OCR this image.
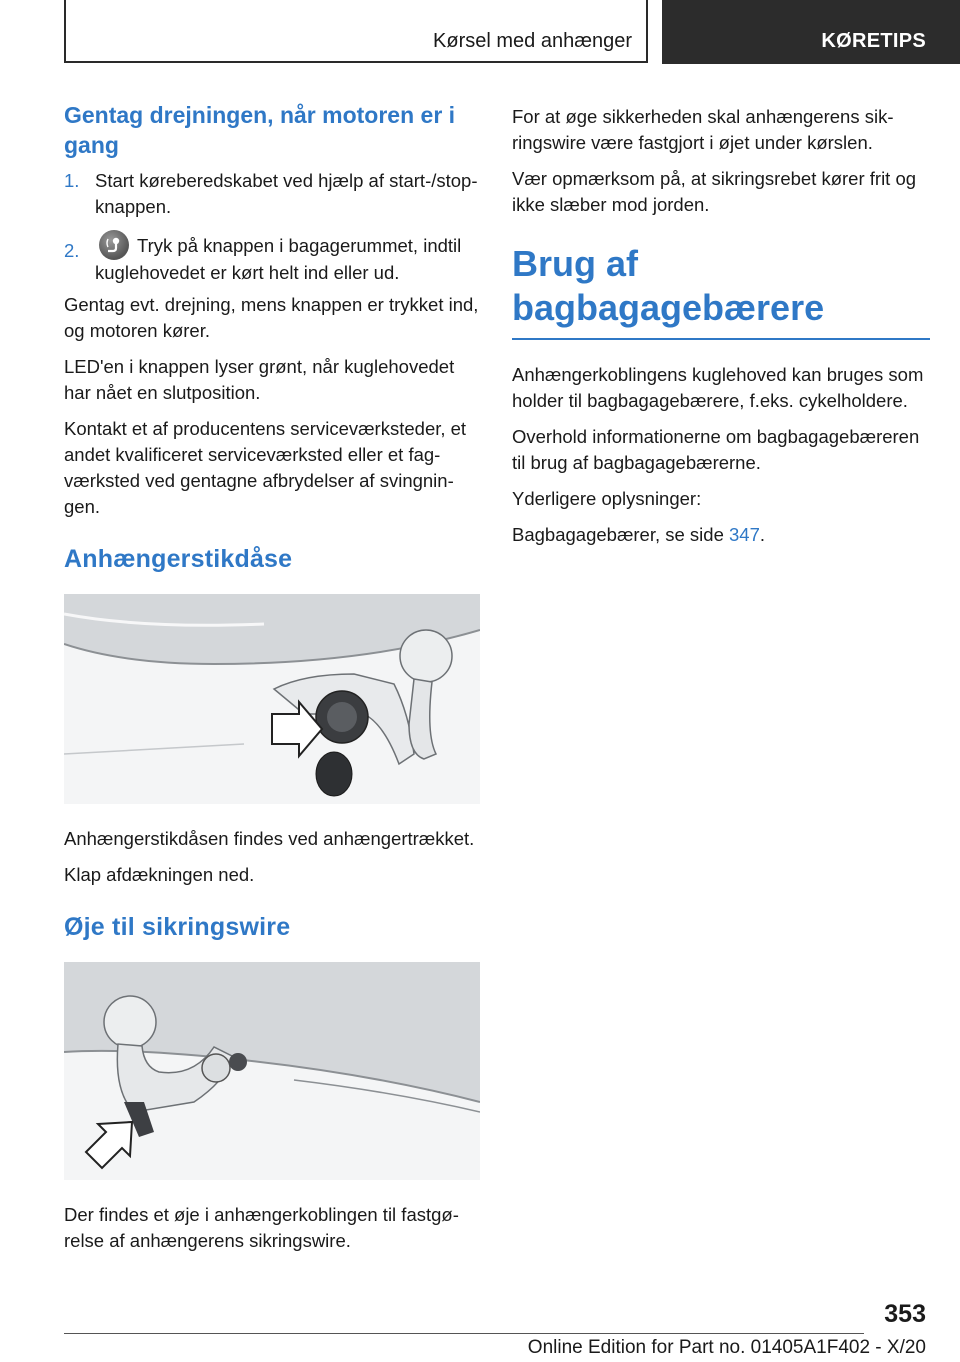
Kørsel med anhænger	KØRETIPS
Gentag drejningen, når motoren er i gang
1. Start køreberedskabet ved hjælp af start-/stop-knappen.
2.	Tryk på knappen i bagagerummet, indtil kuglehovedet er kørt helt ind eller ud.

Gentag evt. drejning, mens knappen er trykket ind, og motoren kører.

LED'en i knappen lyser grønt, når kuglehovedet har nået en slutposition.

Kontakt et af producentens serviceværksteder, et andet kvalificeret serviceværksted eller et fagværksted ved gentagne afbrydelser af svingningen.

Anhængerstikdåse

Anhængerstikdåsen findes ved anhængertrækket.

Klap afdækningen ned.

Øje til sikringswire

Der findes et øje i anhængerkoblingen til fastgørelse af anhængerens sikringswire.

For at øge sikkerheden skal anhængerens sikringswire være fastgjort i øjet under kørslen.

Vær opmærksom på, at sikringsrebet kører frit og ikke slæber mod jorden.

Brug af bagbagagebærere

Anhængerkoblingens kuglehoved kan bruges som holder til bagbagagebærere, f.eks. cykelholdere.

Overhold informationerne om bagbagagebæreren til brug af bagbagagebærerne.

Yderligere oplysninger:

Bagbagagebærer, se side 347.

353
Online Edition for Part no. 01405A1F402 - X/20
